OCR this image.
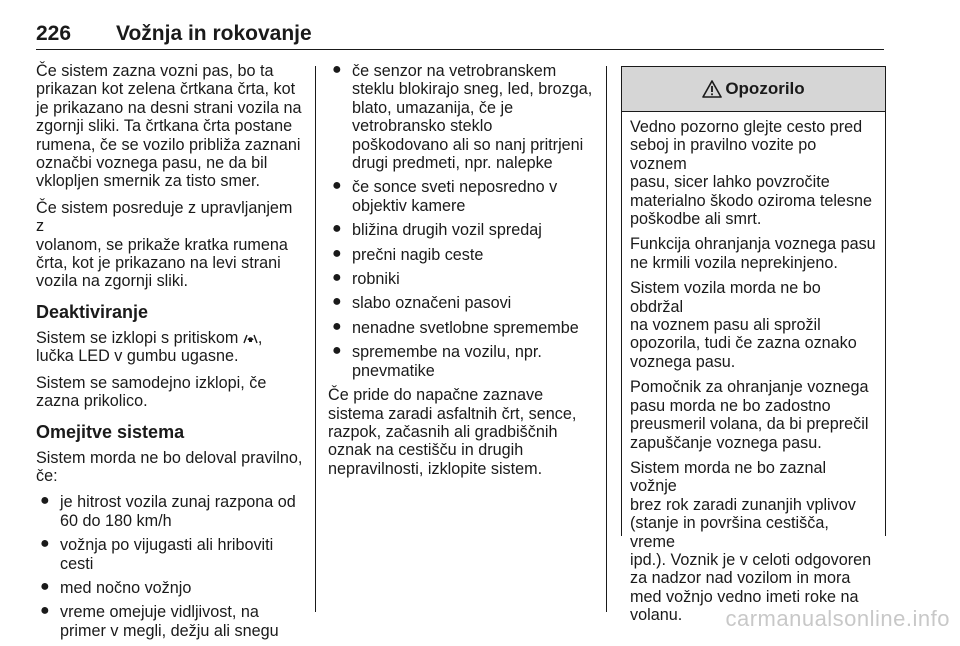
226 Vožnja in rokovanje

Če sistem zazna vozni pas, bo ta
prikazan kot zelena črtkana črta, kot
je prikazano na desni strani vozila na
zgornji sliki. Ta črtkana črta postane
rumena, če se vozilo približa zaznani
označbi voznega pasu, ne da bil
vklopljen smernik za tisto smer.

Če sistem posreduje z upravljanjem z
volanom, se prikaže kratka rumena
črta, kot je prikazano na levi strani
vozila na zgornji sliki.

Deaktiviranje

Sistem se izklopi s pritiskom ,
lučka LED v gumbu ugasne.

Sistem se samodejno izklopi, če
zazna prikolico.

Omejitve sistema

Sistem morda ne bo deloval pravilno,
če:

● je hitrost vozila zunaj razpona od
60 do 180 km/h
● vožnja po vijugasti ali hriboviti
cesti
● med nočno vožnjo
● vreme omejuje vidljivost, na
primer v megli, dežju ali snegu
● če senzor na vetrobranskem
steklu blokirajo sneg, led, brozga,
blato, umazanija, če je
vetrobransko steklo
poškodovano ali so nanj pritrjeni
drugi predmeti, npr. nalepke
● če sonce sveti neposredno v
objektiv kamere
● bližina drugih vozil spredaj
● prečni nagib ceste
● robniki
● slabo označeni pasovi
● nenadne svetlobne spremembe
● spremembe na vozilu, npr.
pnevmatike

Če pride do napačne zaznave
sistema zaradi asfaltnih črt, sence,
razpok, začasnih ali gradbiščnih
oznak na cestišču in drugih
nepravilnosti, izklopite sistem.

Opozorilo

Vedno pozorno glejte cesto pred
seboj in pravilno vozite po voznem
pasu, sicer lahko povzročite
materialno škodo oziroma telesne
poškodbe ali smrt.

Funkcija ohranjanja voznega pasu
ne krmili vozila neprekinjeno.

Sistem vozila morda ne bo obdržal
na voznem pasu ali sprožil
opozorila, tudi če zazna oznako
voznega pasu.

Pomočnik za ohranjanje voznega
pasu morda ne bo zadostno
preusmeril volana, da bi preprečil
zapuščanje voznega pasu.

Sistem morda ne bo zaznal vožnje
brez rok zaradi zunanjih vplivov
(stanje in površina cestišča, vreme
ipd.). Voznik je v celoti odgovoren
za nadzor nad vozilom in mora
med vožnjo vedno imeti roke na
volanu.	carmanualsonline.info
